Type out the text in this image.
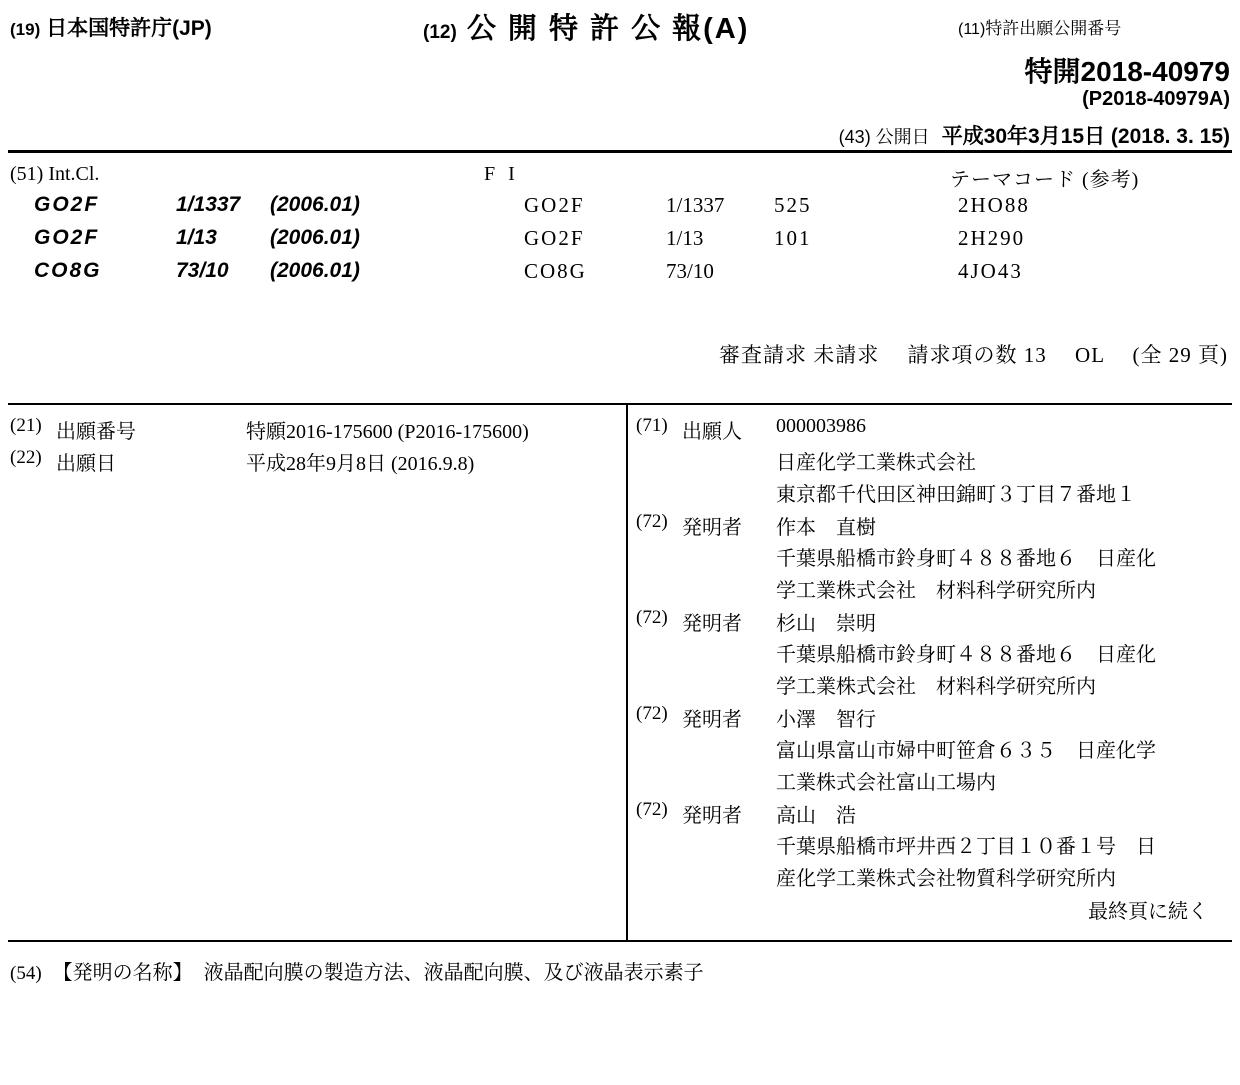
(19) 日本国特許庁(JP)	(12) 公 開 特 許 公 報(A)	(11)特許出願公開番号
特開2018-40979
(P2018-40979A)
(43) 公開日 平成30年3月15日 (2018. 3. 15)
(51) Int.Cl.	F I	テーマコード (参考)
GO2F	1/1337 (2006.01)	GO2F	1/1337 525	2HO88
GO2F	1/13	(2006.01)	GO2F	1/13	101	2H290
CO8G	73/10 (2006.01)	CO8G	73/10	4JO43
審査請求 未請求 請求項の数 13 OL (全 29 頁)
(21) 出願番号	特願2016-175600 (P2016-175600)
(22) 出願日	平成28年9月8日 (2016.9.8)
(71) 出願人 000003986
日産化学工業株式会社
東京都千代田区神田錦町３丁目７番地１
(72) 発明者 作本　直樹
千葉県船橋市鈴身町４８８番地６　日産化
学工業株式会社　材料科学研究所内
(72) 発明者 杉山　崇明
千葉県船橋市鈴身町４８８番地６　日産化
学工業株式会社　材料科学研究所内
(72) 発明者 小澤　智行
富山県富山市婦中町笹倉６３５　日産化学
工業株式会社富山工場内
(72) 発明者 高山　浩
千葉県船橋市坪井西２丁目１０番１号　日
産化学工業株式会社物質科学研究所内
最終頁に続く
(54) 【発明の名称】 液晶配向膜の製造方法、液晶配向膜、及び液晶表示素子
